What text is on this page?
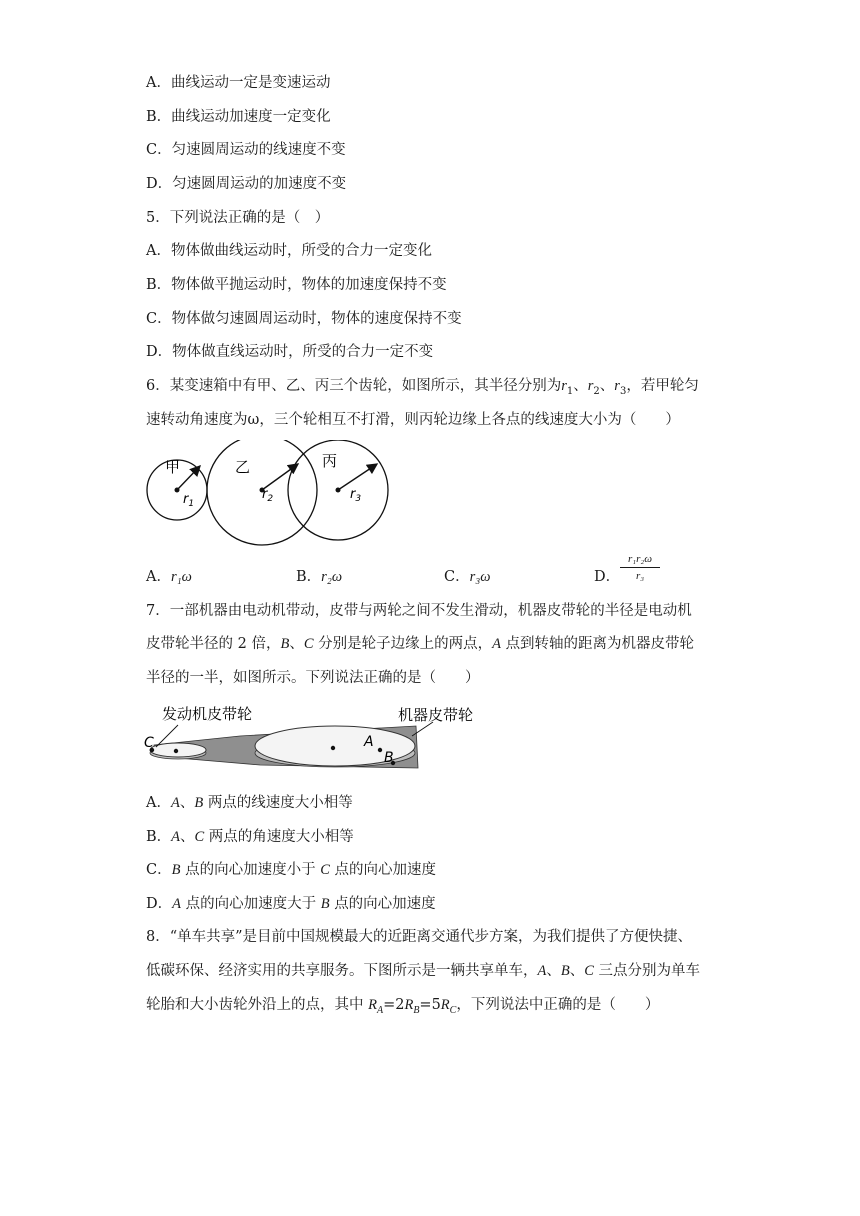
A．曲线运动一定是变速运动
B．曲线运动加速度一定变化
C．匀速圆周运动的线速度不变
D．匀速圆周运动的加速度不变
5．下列说法正确的是（　）
A．物体做曲线运动时，所受的合力一定变化
B．物体做平抛运动时，物体的加速度保持不变
C．物体做匀速圆周运动时，物体的速度保持不变
D．物体做直线运动时，所受的合力一定不变
6．某变速箱中有甲、乙、丙三个齿轮，如图所示，其半径分别为$r_1$、$r_2$、$r_3$，若甲轮匀
速转动角速度为ω，三个轮相互不打滑，则丙轮边缘上各点的线速度大小为（　　）
甲	乙	丙
$r_1$
$r_2$	$r_3$
A．r₁ω	B．r₂ω	C．r₃ω	D．
r₁r₂ω
r₃
7．一部机器由电动机带动，皮带与两轮之间不发生滑动，机器皮带轮的半径是电动机
皮带轮半径的 2 倍，B、C 分别是轮子边缘上的两点，A 点到转轴的距离为机器皮带轮
半径的一半，如图所示。下列说法正确的是（　　）
发动机皮带轮	机器皮带轮
C	A
B
A．A、B 两点的线速度大小相等
B．A、C 两点的角速度大小相等
C．B 点的向心加速度小于 C 点的向心加速度
D．A 点的向心加速度大于 B 点的向心加速度
8．“单车共享”是目前中国规模最大的近距离交通代步方案，为我们提供了方便快捷、
低碳环保、经济实用的共享服务。下图所示是一辆共享单车，A、B、C 三点分别为单车
轮胎和大小齿轮外沿上的点，其中 $R_A=2R_B=5R_C$，下列说法中正确的是（　　）
